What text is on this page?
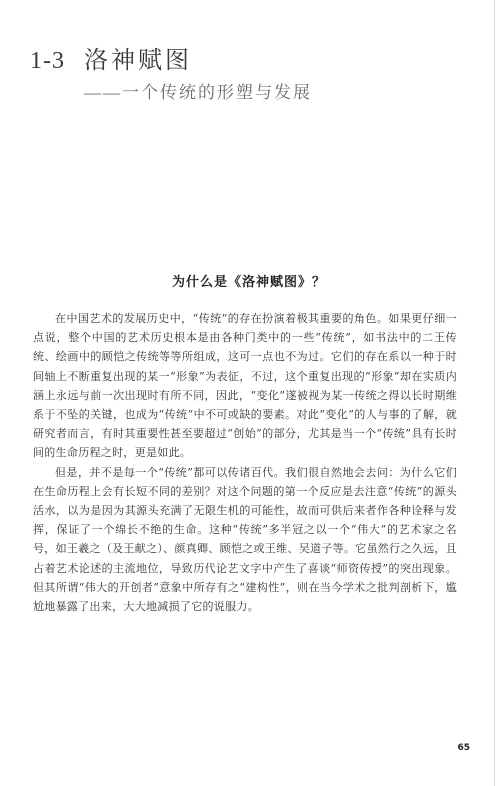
1-3 洛神赋图
——一个传统的形塑与发展
为什么是《洛神赋图》？

在中国艺术的发展历史中，“传统”的存在扮演着极其重要的角色。如果更仔细一点说，整个中国的艺术历史根本是由各种门类中的一些“传统”，如书法中的二王传统、绘画中的顾恺之传统等等所组成，这可一点也不为过。它们的存在系以一种于时间轴上不断重复出现的某一“形象”为表征，不过，这个重复出现的“形象”却在实质内涵上永远与前一次出现时有所不同，因此，“变化”遂被视为某一传统之得以长时期维系于不坠的关键，也成为“传统”中不可或缺的要素。对此“变化”的人与事的了解，就研究者而言，有时其重要性甚至要超过“创始”的部分，尤其是当一个“传统”具有长时间的生命历程之时，更是如此。

但是，并不是每一个“传统”都可以传诸百代。我们很自然地会去问：为什么它们在生命历程上会有长短不同的差别？对这个问题的第一个反应是去注意“传统”的源头活水，以为是因为其源头充满了无限生机的可能性，故而可供后来者作各种诠释与发挥，保证了一个绵长不绝的生命。这种“传统”多半冠之以一个“伟大”的艺术家之名号，如王羲之（及王献之）、颜真卿、顾恺之或王维、吴道子等。它虽然行之久远，且占着艺术论述的主流地位，导致历代论艺文字中产生了喜谈“师资传授”的突出现象。但其所谓“伟大的开创者”意象中所存有之“建构性”，则在当今学术之批判剖析下，尴尬地暴露了出来，大大地减损了它的说服力。

65
